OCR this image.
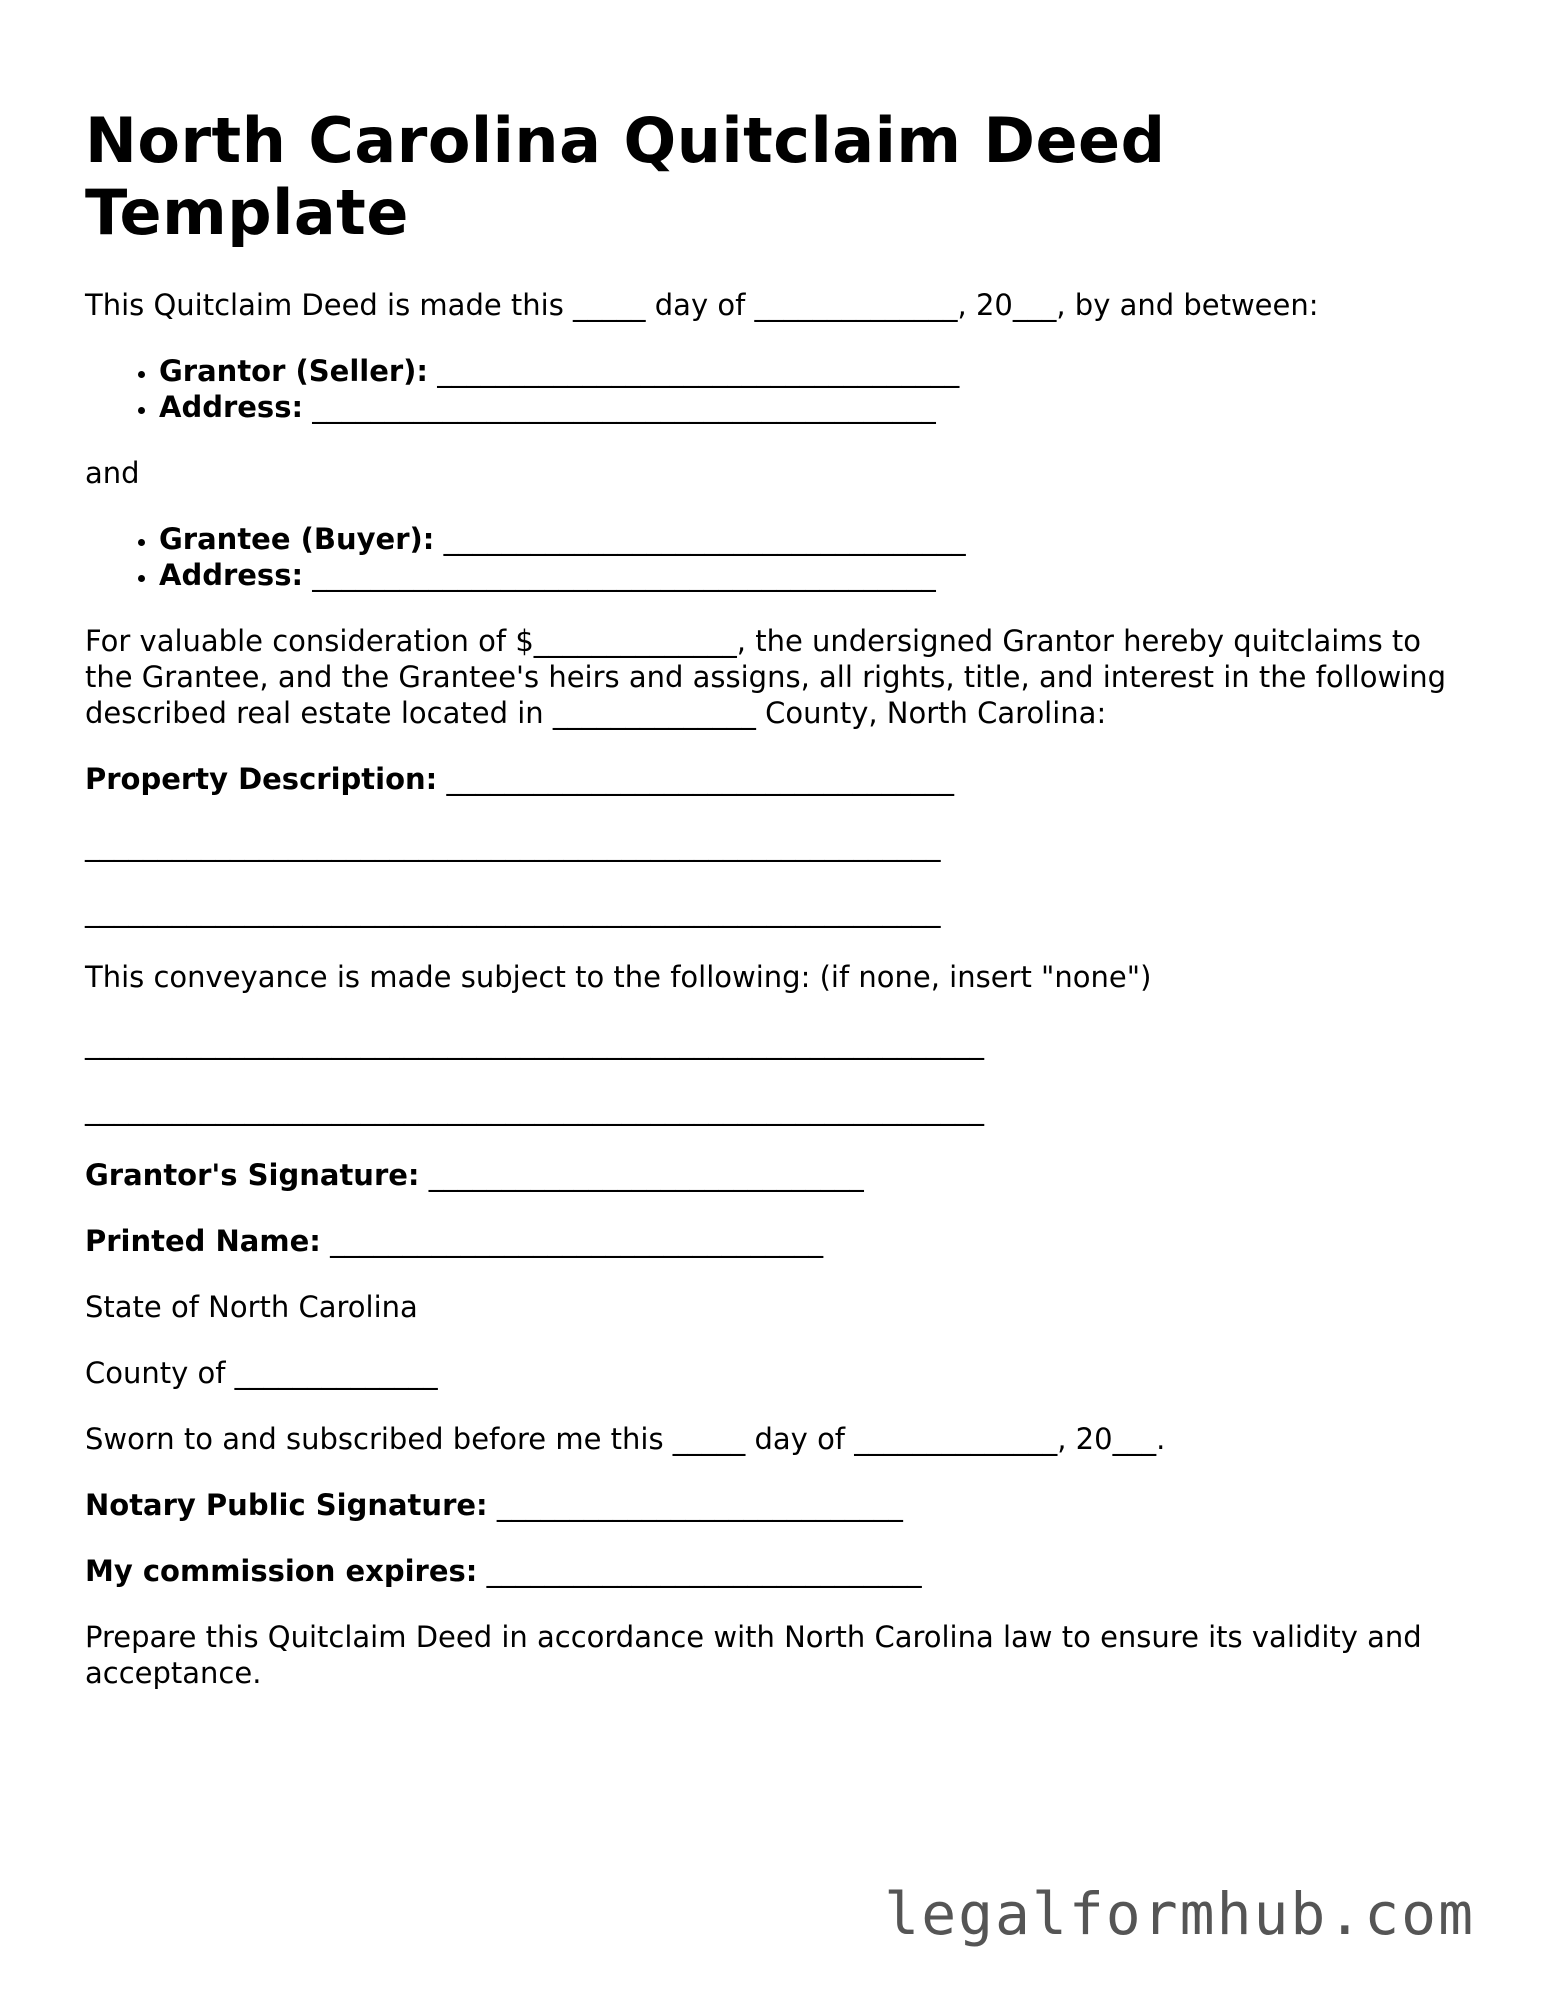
North Carolina Quitclaim Deed Template

This Quitclaim Deed is made this _____ day of ______________, 20___, by and between:

• Grantor (Seller): ____________________________________
• Address: ___________________________________________

and

• Grantee (Buyer): ____________________________________
• Address: ___________________________________________

For valuable consideration of $______________, the undersigned Grantor hereby quitclaims to the Grantee, and the Grantee's heirs and assigns, all rights, title, and interest in the following described real estate located in ______________ County, North Carolina:

Property Description: ___________________________________

___________________________________________________________
___________________________________________________________

This conveyance is made subject to the following: (if none, insert "none")

______________________________________________________________
______________________________________________________________

Grantor's Signature: ______________________________

Printed Name: __________________________________

State of North Carolina

County of ______________

Sworn to and subscribed before me this _____ day of ______________, 20___.

Notary Public Signature: ____________________________

My commission expires: ______________________________

Prepare this Quitclaim Deed in accordance with North Carolina law to ensure its validity and acceptance.

legalformhub.com
